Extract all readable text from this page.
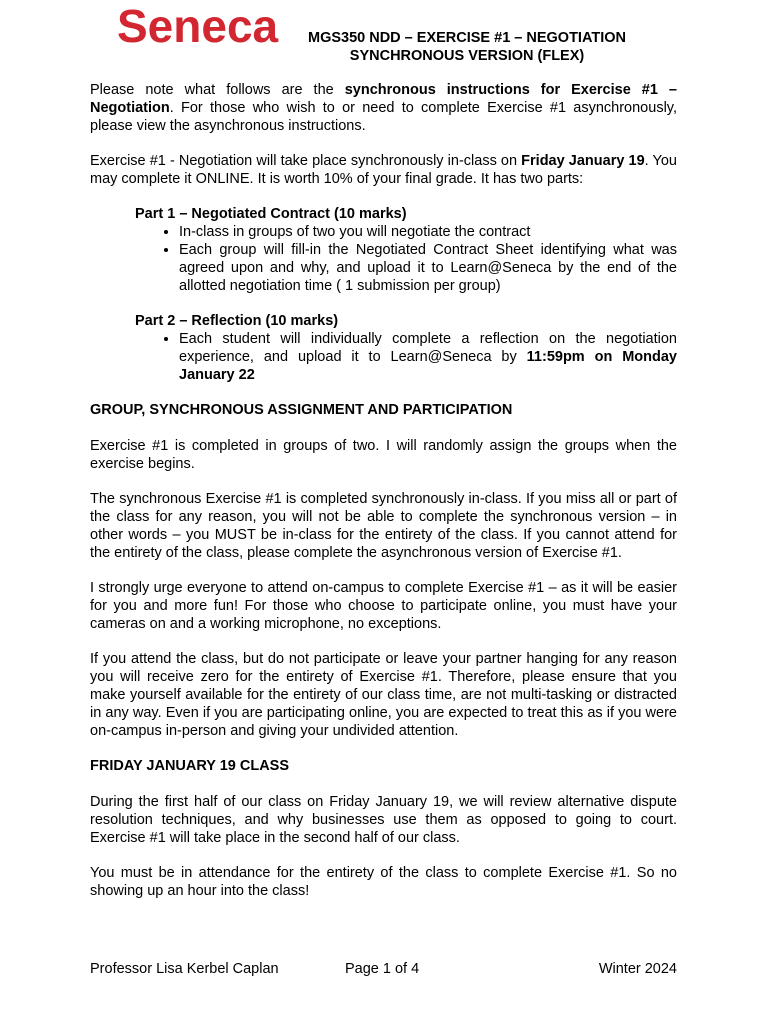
Seneca	MGS350 NDD – EXERCISE #1 – NEGOTIATION
SYNCHRONOUS VERSION (FLEX)

Please note what follows are the synchronous instructions for Exercise #1 – Negotiation. For those who wish to or need to complete Exercise #1 asynchronously, please view the asynchronous instructions.

Exercise #1 - Negotiation will take place synchronously in-class on Friday January 19. You may complete it ONLINE. It is worth 10% of your final grade. It has two parts:

Part 1 – Negotiated Contract (10 marks)
• In-class in groups of two you will negotiate the contract
• Each group will fill-in the Negotiated Contract Sheet identifying what was agreed upon and why, and upload it to Learn@Seneca by the end of the allotted negotiation time ( 1 submission per group)
Part 2 – Reflection (10 marks)
• Each student will individually complete a reflection on the negotiation experience, and upload it to Learn@Seneca by 11:59pm on Monday January 22
GROUP, SYNCHRONOUS ASSIGNMENT AND PARTICIPATION

Exercise #1 is completed in groups of two. I will randomly assign the groups when the exercise begins.

The synchronous Exercise #1 is completed synchronously in-class. If you miss all or part of the class for any reason, you will not be able to complete the synchronous version – in other words – you MUST be in-class for the entirety of the class. If you cannot attend for the entirety of the class, please complete the asynchronous version of Exercise #1.

I strongly urge everyone to attend on-campus to complete Exercise #1 – as it will be easier for you and more fun! For those who choose to participate online, you must have your cameras on and a working microphone, no exceptions.

If you attend the class, but do not participate or leave your partner hanging for any reason you will receive zero for the entirety of Exercise #1. Therefore, please ensure that you make yourself available for the entirety of our class time, are not multi-tasking or distracted in any way. Even if you are participating online, you are expected to treat this as if you were on-campus in-person and giving your undivided attention.

FRIDAY JANUARY 19 CLASS

During the first half of our class on Friday January 19, we will review alternative dispute resolution techniques, and why businesses use them as opposed to going to court. Exercise #1 will take place in the second half of our class.

You must be in attendance for the entirety of the class to complete Exercise #1. So no showing up an hour into the class!

Professor Lisa Kerbel Caplan	Page 1 of 4	Winter 2024
